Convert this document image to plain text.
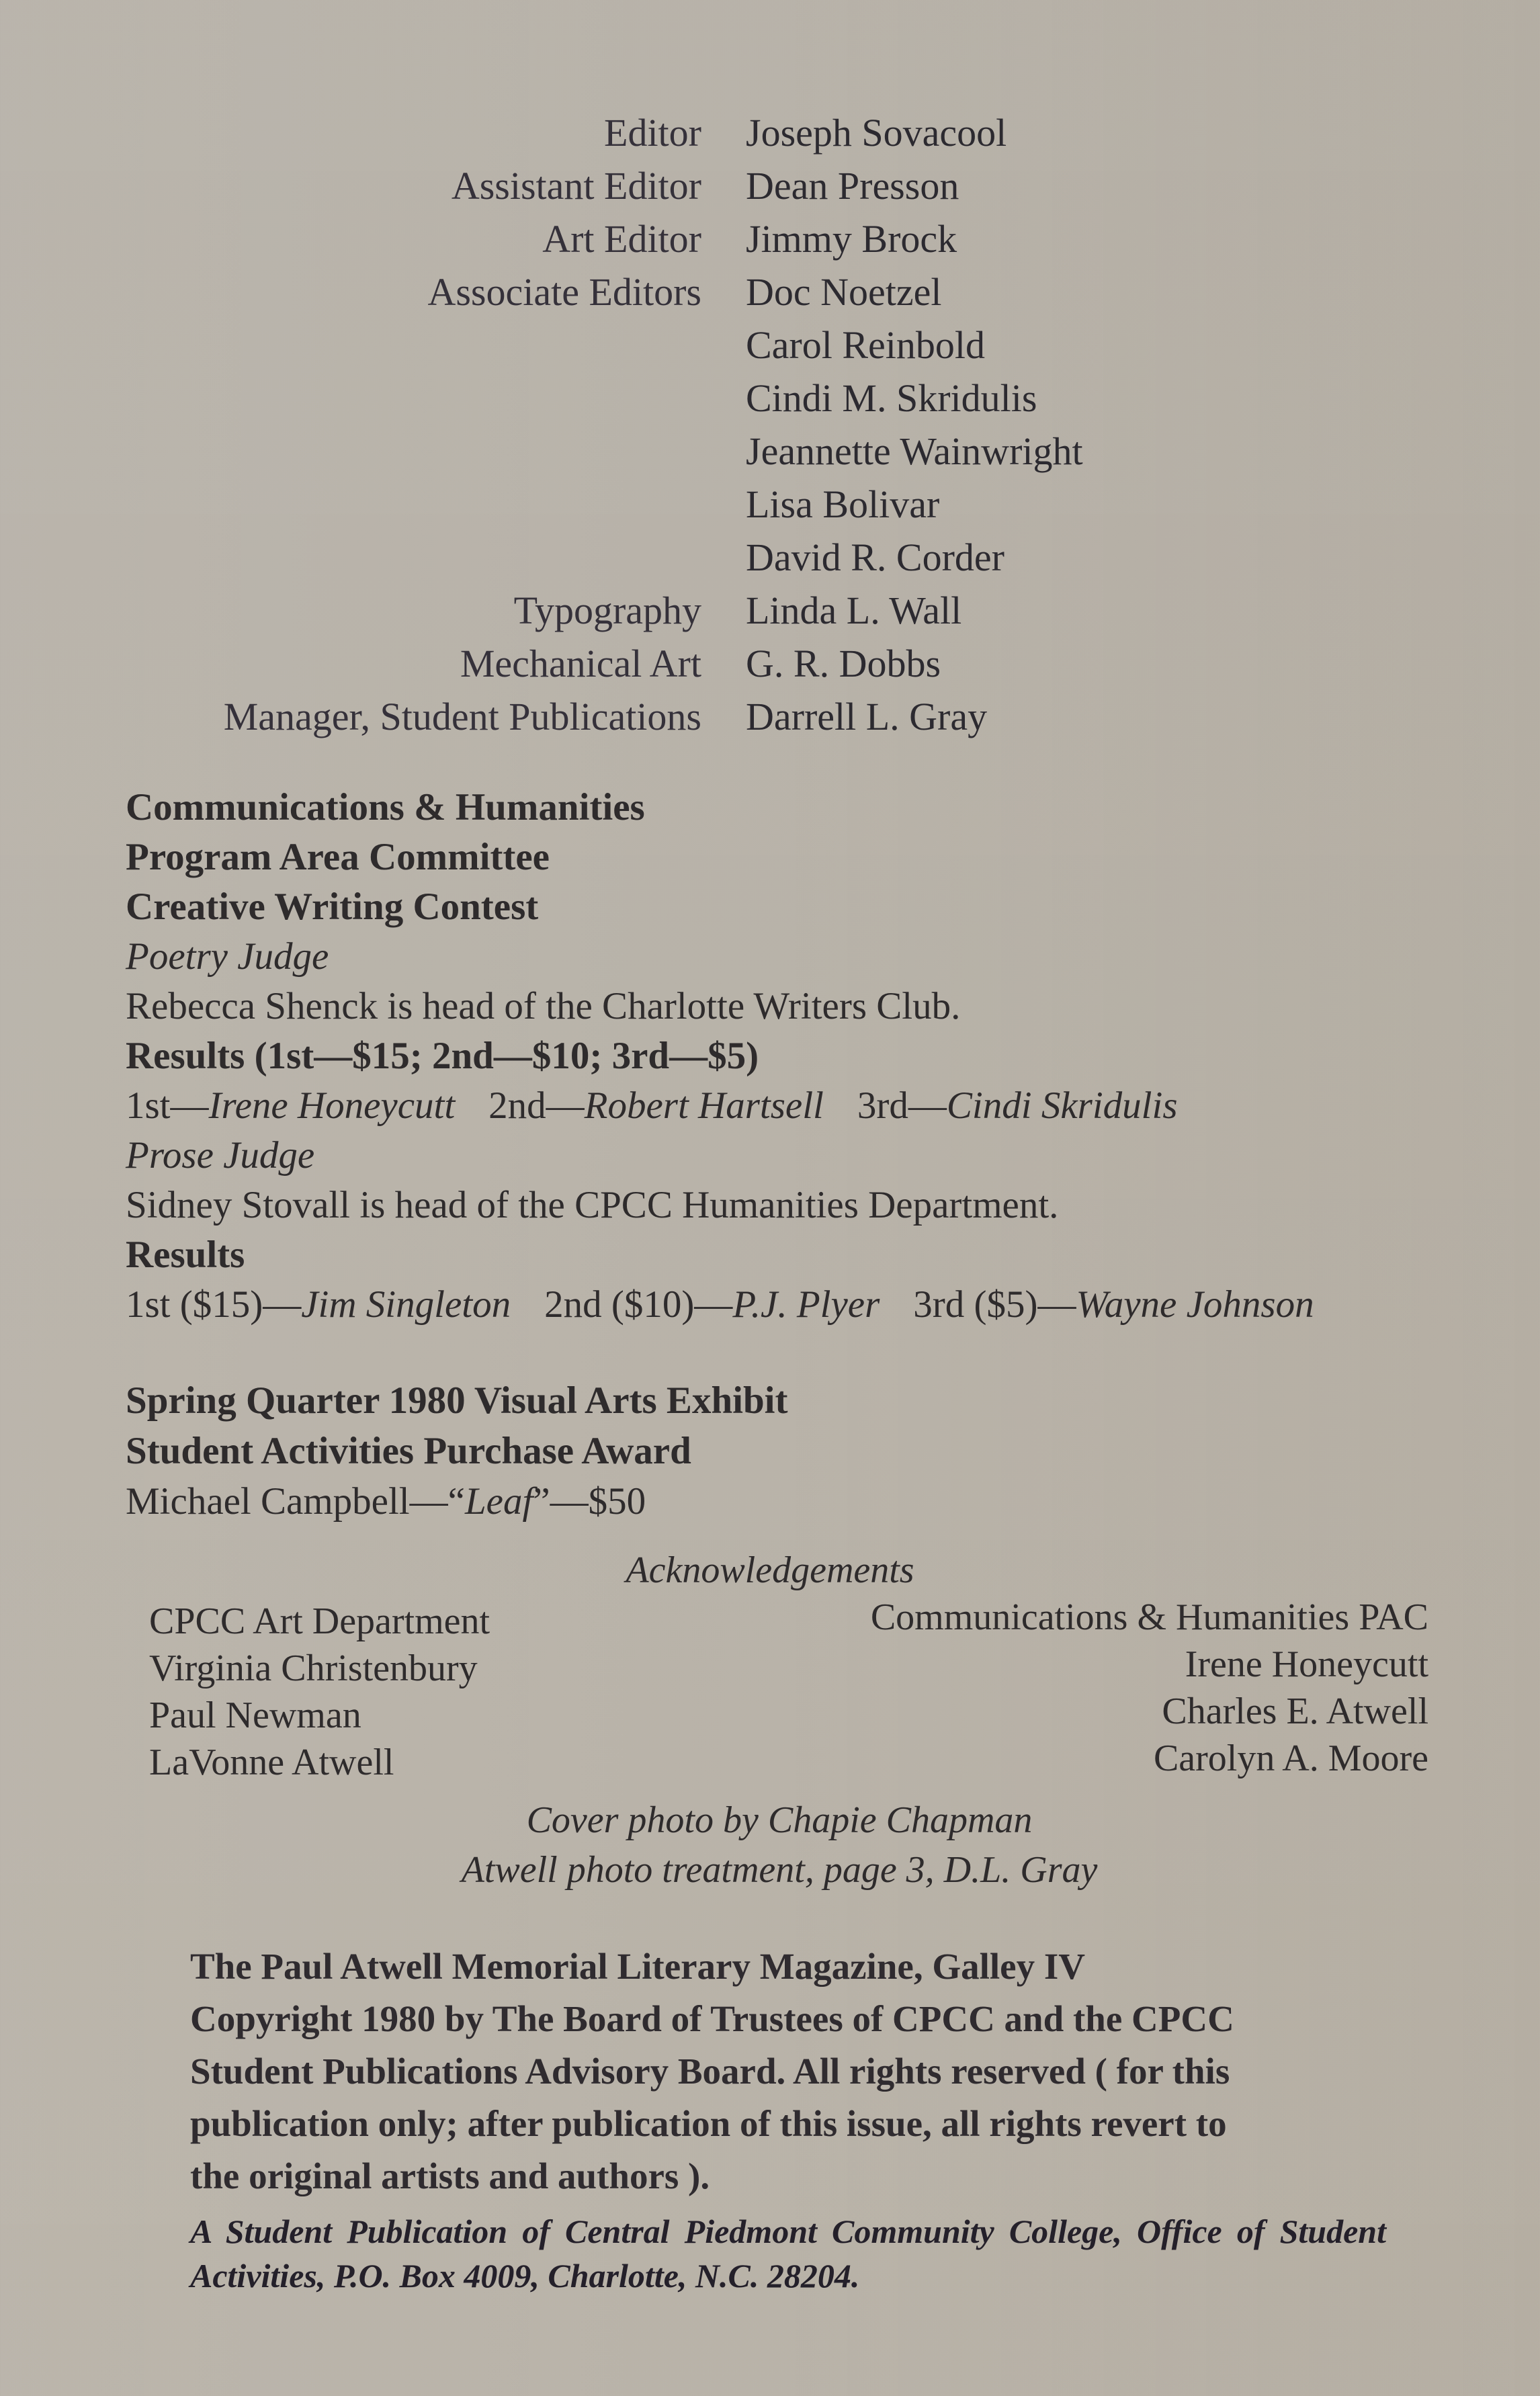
Editor	Joseph Sovacool
Assistant Editor	Dean Presson
Art Editor	Jimmy Brock
Associate Editors	Doc Noetzel
Carol Reinbold
Cindi M. Skridulis
Jeannette Wainwright
Lisa Bolivar
David R. Corder
Typography	Linda L. Wall
Mechanical Art	G. R. Dobbs
Manager, Student Publications	Darrell L. Gray
Communications & Humanities
Program Area Committee
Creative Writing Contest
Poetry Judge
Rebecca Shenck is head of the Charlotte Writers Club.
Results (1st—$15; 2nd—$10; 3rd—$5)
1st—Irene Honeycutt 2nd—Robert Hartsell 3rd—Cindi Skridulis
Prose Judge
Sidney Stovall is head of the CPCC Humanities Department.
Results
1st ($15)—Jim Singleton 2nd ($10)—P.J. Plyer 3rd ($5)—Wayne Johnson
Spring Quarter 1980 Visual Arts Exhibit
Student Activities Purchase Award
Michael Campbell—“Leaf”—$50
Acknowledgements
CPCC Art Department
Virginia Christenbury
Paul Newman
LaVonne Atwell
Communications & Humanities PAC
Irene Honeycutt
Charles E. Atwell
Carolyn A. Moore
Cover photo by Chapie Chapman
Atwell photo treatment, page 3, D.L. Gray
The Paul Atwell Memorial Literary Magazine, Galley IV
Copyright 1980 by The Board of Trustees of CPCC and the CPCC
Student Publications Advisory Board. All rights reserved ( for this
publication only; after publication of this issue, all rights revert to
the original artists and authors ).
A Student Publication of Central Piedmont Community College, Office of Student Activities, P.O. Box 4009, Charlotte, N.C. 28204.
